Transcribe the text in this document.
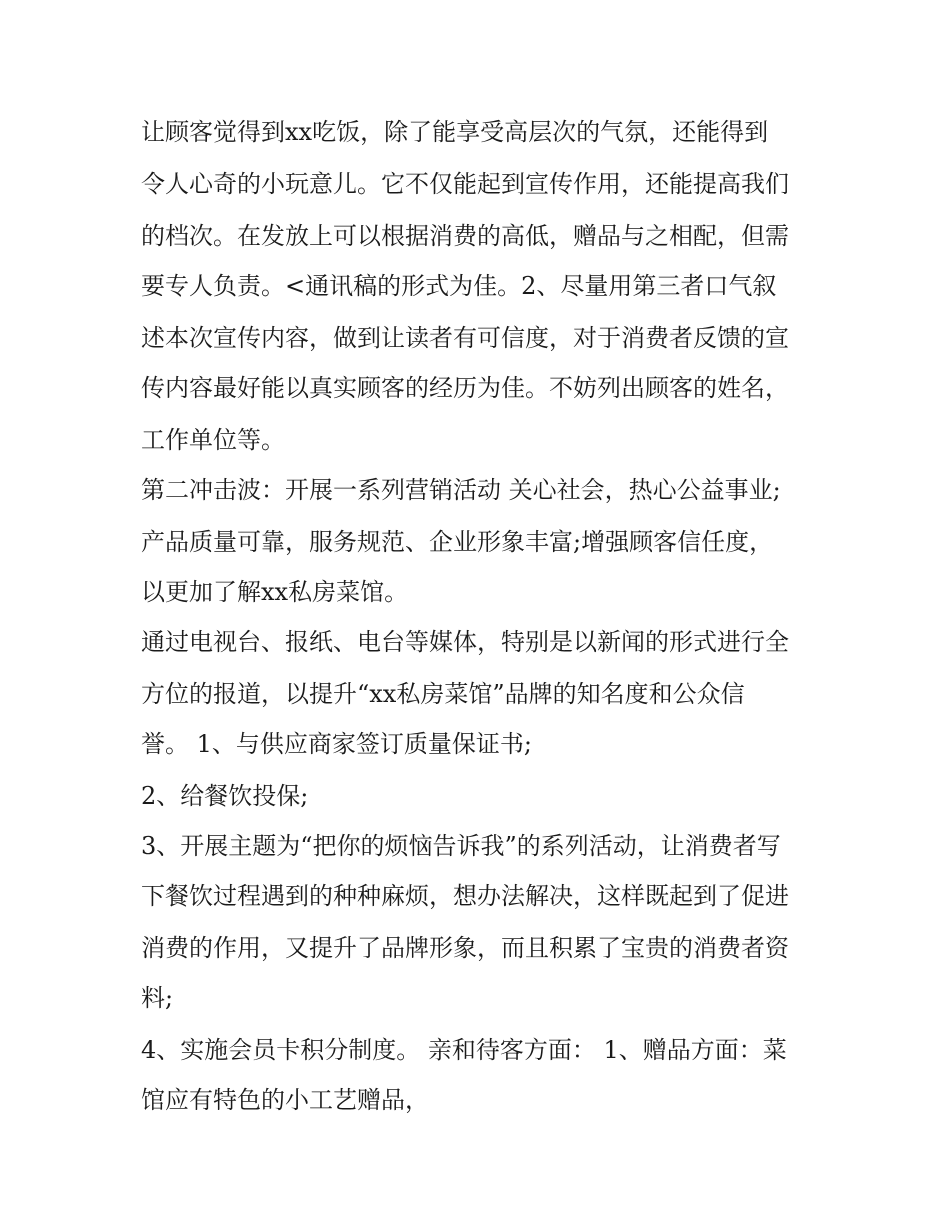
让顾客觉得到xx吃饭，除了能享受高层次的气氛，还能得到
令人心奇的小玩意儿。它不仅能起到宣传作用，还能提高我们
的档次。在发放上可以根据消费的高低，赠品与之相配，但需
要专人负责。<通讯稿的形式为佳。2、尽量用第三者口气叙
述本次宣传内容，做到让读者有可信度，对于消费者反馈的宣
传内容最好能以真实顾客的经历为佳。不妨列出顾客的姓名，
工作单位等。
第二冲击波：开展一系列营销活动 关心社会，热心公益事业;
产品质量可靠，服务规范、企业形象丰富;增强顾客信任度，
以更加了解xx私房菜馆。
通过电视台、报纸、电台等媒体，特别是以新闻的形式进行全
方位的报道，以提升“xx私房菜馆”品牌的知名度和公众信
誉。 1、与供应商家签订质量保证书;
2、给餐饮投保;
3、开展主题为“把你的烦恼告诉我”的系列活动，让消费者写
下餐饮过程遇到的种种麻烦，想办法解决，这样既起到了促进
消费的作用，又提升了品牌形象，而且积累了宝贵的消费者资
料;
4、实施会员卡积分制度。 亲和待客方面： 1、赠品方面：菜
馆应有特色的小工艺赠品，
